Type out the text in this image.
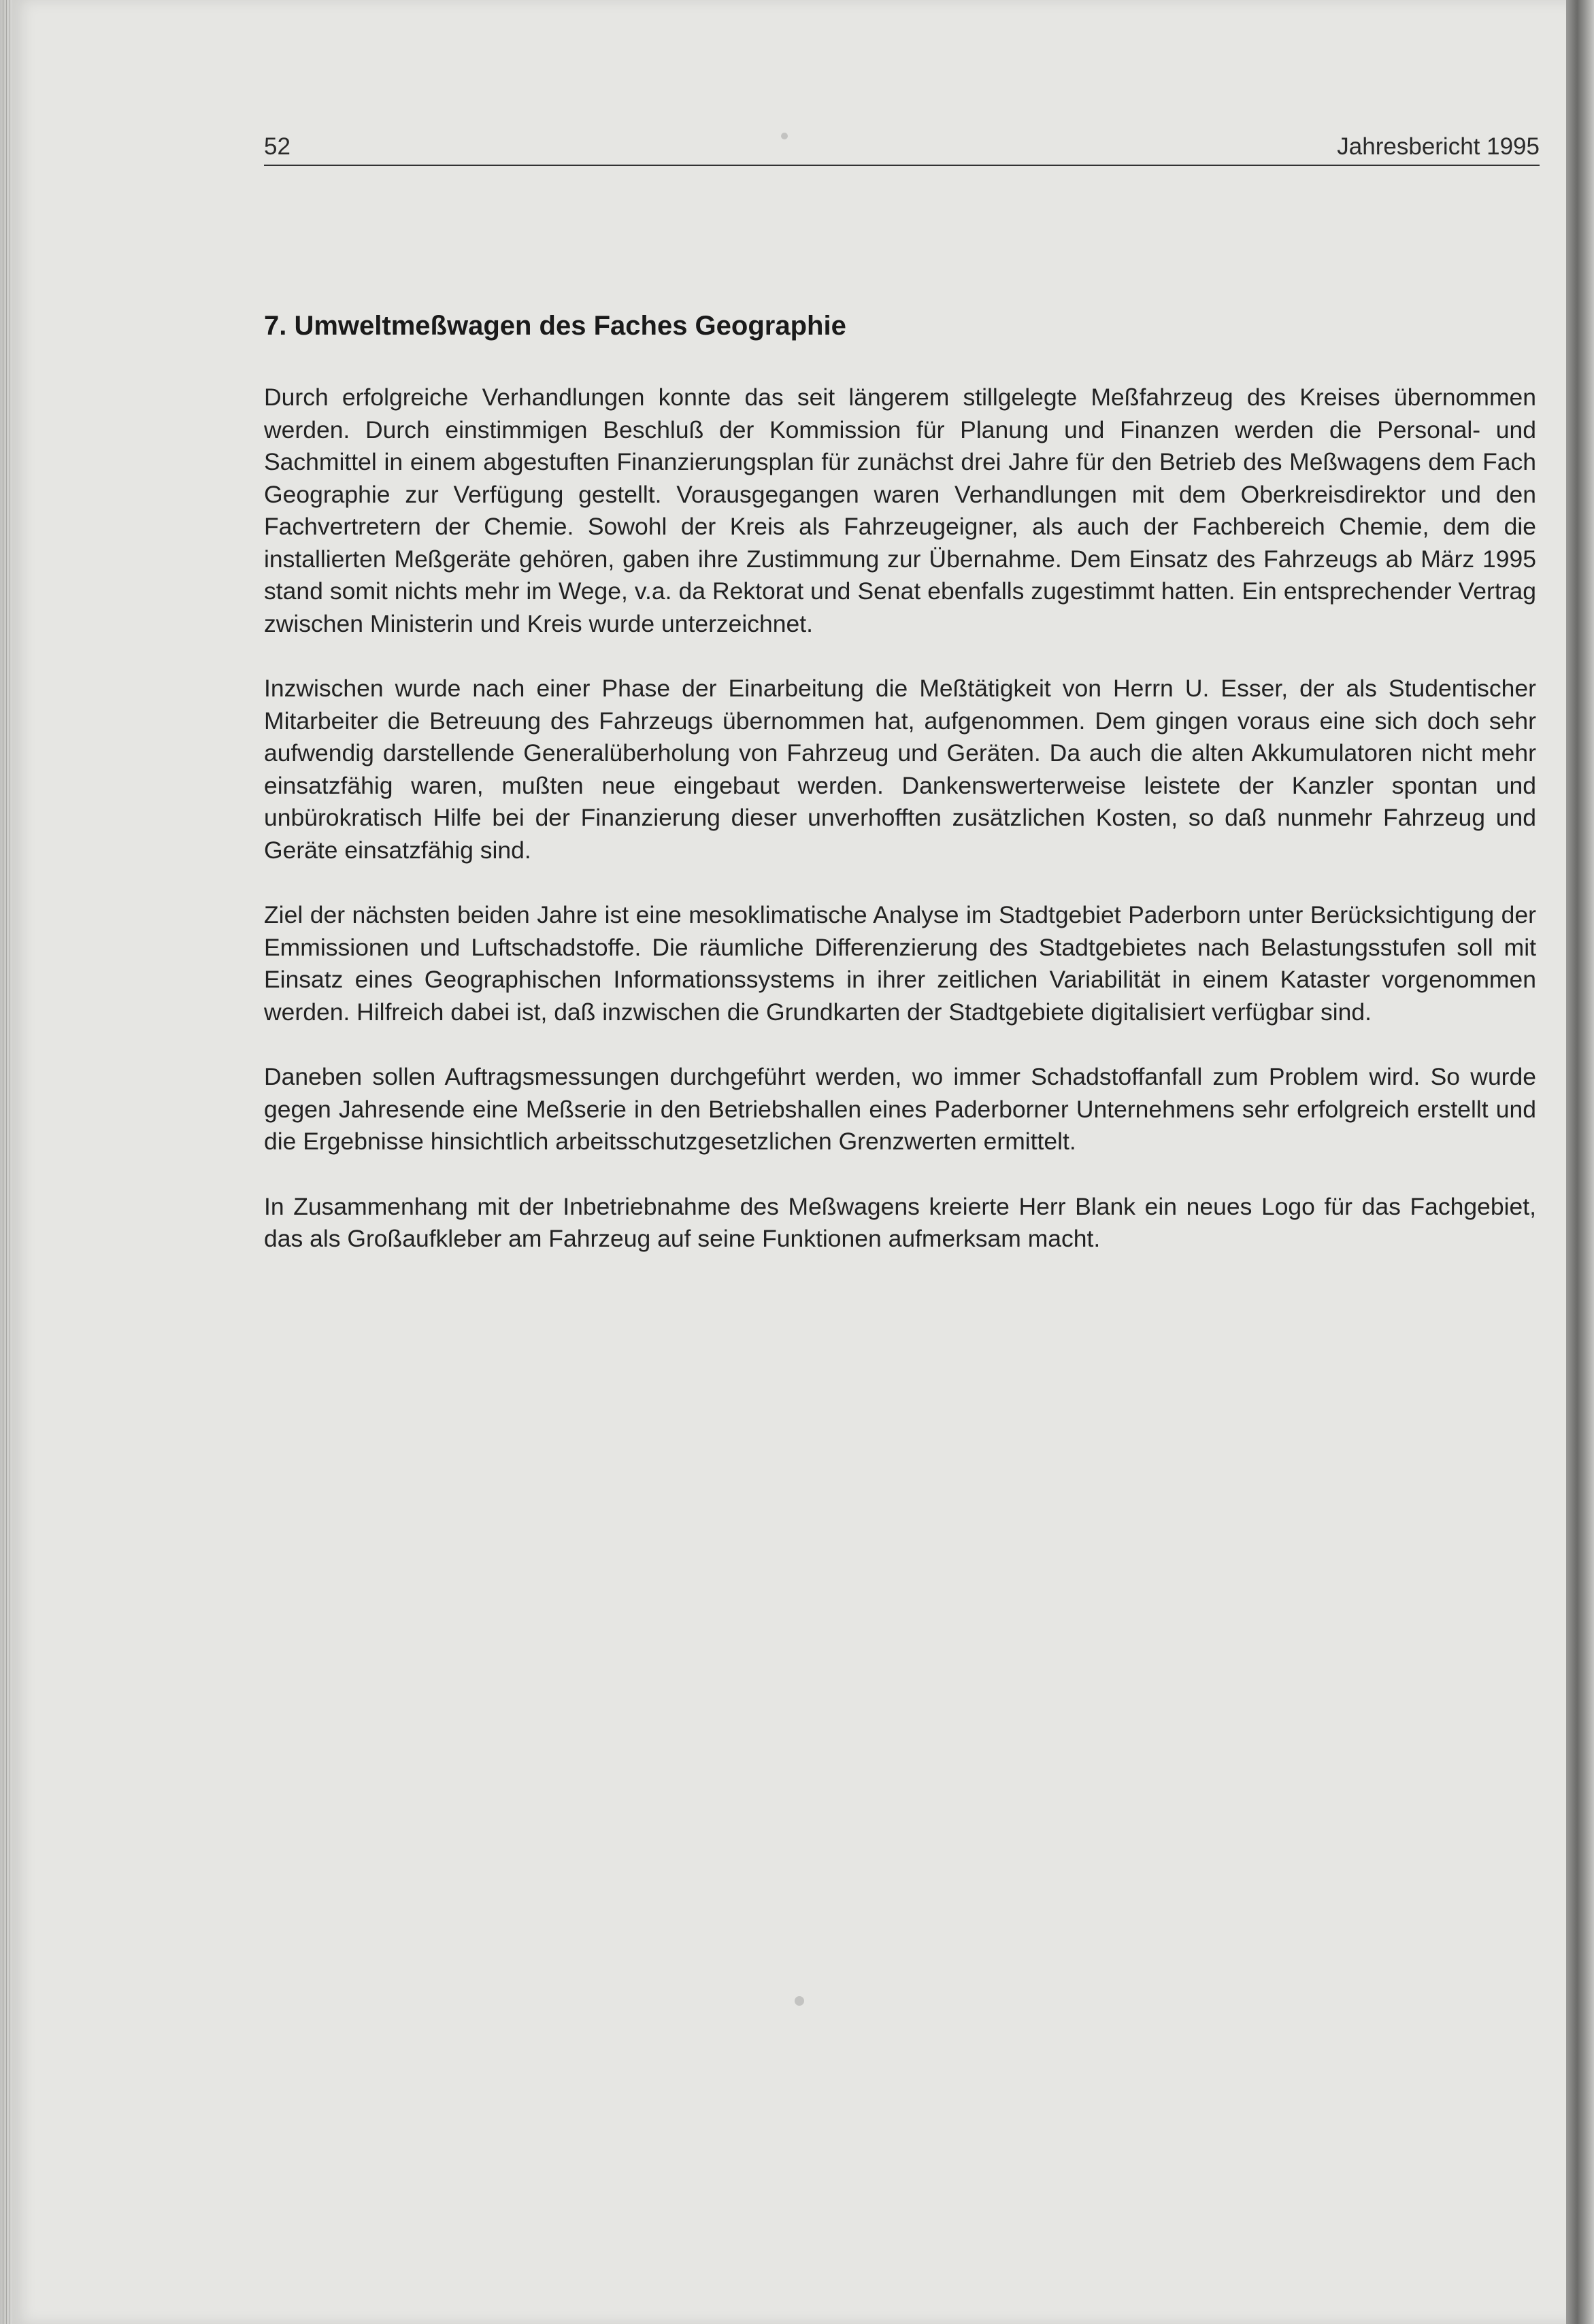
52	Jahresbericht 1995
7. Umweltmeßwagen des Faches Geographie

Durch erfolgreiche Verhandlungen konnte das seit längerem stillgelegte Meßfahrzeug des Kreises übernommen werden. Durch einstimmigen Beschluß der Kommission für Planung und Finanzen werden die Personal- und Sachmittel in einem abgestuften Finanzierungsplan für zunächst drei Jahre für den Betrieb des Meßwagens dem Fach Geographie zur Verfügung gestellt. Vorausgegangen waren Verhandlungen mit dem Oberkreisdirektor und den Fachvertretern der Chemie. Sowohl der Kreis als Fahrzeugeigner, als auch der Fachbereich Chemie, dem die installierten Meßgeräte gehören, gaben ihre Zustimmung zur Übernahme. Dem Einsatz des Fahrzeugs ab März 1995 stand somit nichts mehr im Wege, v.a. da Rektorat und Senat ebenfalls zugestimmt hatten. Ein entsprechender Vertrag zwischen Ministerin und Kreis wurde unterzeichnet.

Inzwischen wurde nach einer Phase der Einarbeitung die Meßtätigkeit von Herrn U. Esser, der als Studentischer Mitarbeiter die Betreuung des Fahrzeugs übernommen hat, aufgenommen. Dem gingen voraus eine sich doch sehr aufwendig darstellende Generalüberholung von Fahrzeug und Geräten. Da auch die alten Akkumulatoren nicht mehr einsatzfähig waren, mußten neue eingebaut werden. Dankenswerterweise leistete der Kanzler spontan und unbürokratisch Hilfe bei der Finanzierung dieser unverhofften zusätzlichen Kosten, so daß nunmehr Fahrzeug und Geräte einsatzfähig sind.

Ziel der nächsten beiden Jahre ist eine mesoklimatische Analyse im Stadtgebiet Paderborn unter Berücksichtigung der Emmissionen und Luftschadstoffe. Die räumliche Differenzierung des Stadtgebietes nach Belastungsstufen soll mit Einsatz eines Geographischen Informationssystems in ihrer zeitlichen Variabilität in einem Kataster vorgenommen werden. Hilfreich dabei ist, daß inzwischen die Grundkarten der Stadtgebiete digitalisiert verfügbar sind.

Daneben sollen Auftragsmessungen durchgeführt werden, wo immer Schadstoffanfall zum Problem wird. So wurde gegen Jahresende eine Meßserie in den Betriebshallen eines Paderborner Unternehmens sehr erfolgreich erstellt und die Ergebnisse hinsichtlich arbeitsschutzgesetzlichen Grenzwerten ermittelt.

In Zusammenhang mit der Inbetriebnahme des Meßwagens kreierte Herr Blank ein neues Logo für das Fachgebiet, das als Großaufkleber am Fahrzeug auf seine Funktionen aufmerksam macht.
